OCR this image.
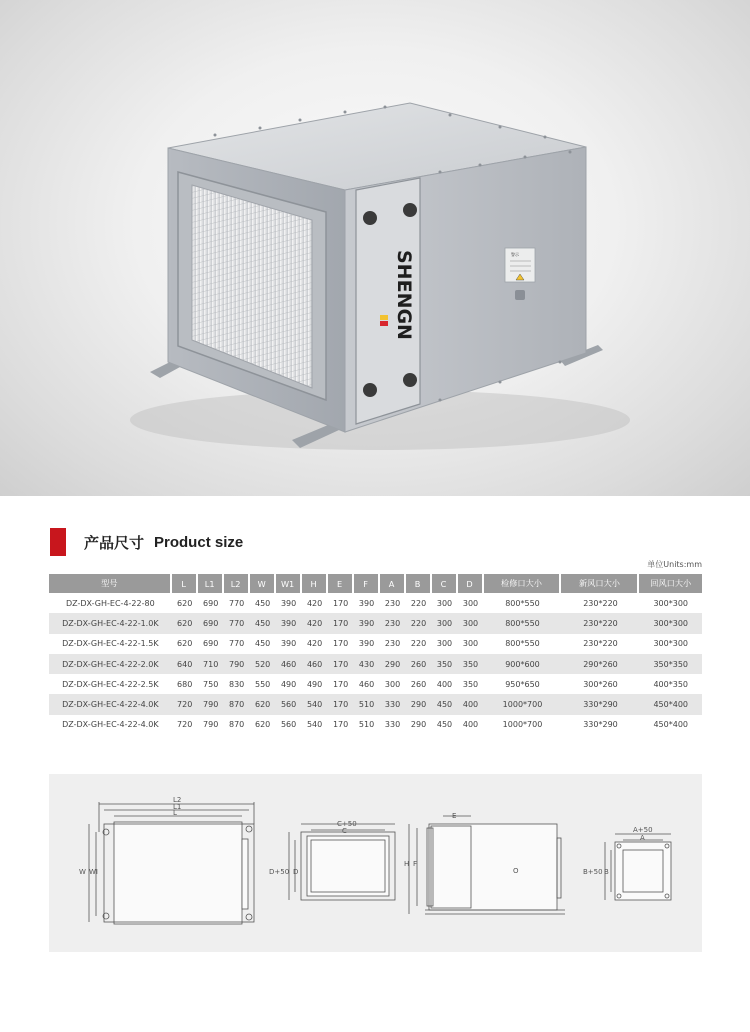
SHENGN	警示
产品尺寸 Product size
单位Units:mm
型号	L	L1	L2	W	W1	H	E	F	A	B	C	D	检修口大小	新风口大小	回风口大小
DZ-DX-GH-EC-4-22-80	620	690	770	450	390	420	170	390	230	220	300	300	800*550	230*220	300*300
DZ-DX-GH-EC-4-22-1.0K	620	690	770	450	390	420	170	390	230	220	300	300	800*550	230*220	300*300
DZ-DX-GH-EC-4-22-1.5K	620	690	770	450	390	420	170	390	230	220	300	300	800*550	230*220	300*300
DZ-DX-GH-EC-4-22-2.0K	640	710	790	520	460	460	170	430	290	260	350	350	900*600	290*260	350*350
DZ-DX-GH-EC-4-22-2.5K	680	750	830	550	490	490	170	460	300	260	400	350	950*650	300*260	400*350
DZ-DX-GH-EC-4-22-4.0K	720	790	870	620	560	540	170	510	330	290	450	400	1000*700	330*290	450*400
DZ-DX-GH-EC-4-22-4.0K	720	790	870	620	560	540	170	510	330	290	450	400	1000*700	330*290	450*400
L2
L1
L
W WI
C+50
C
D+50 D
E
H F
O
A+50
A
B+50 B
